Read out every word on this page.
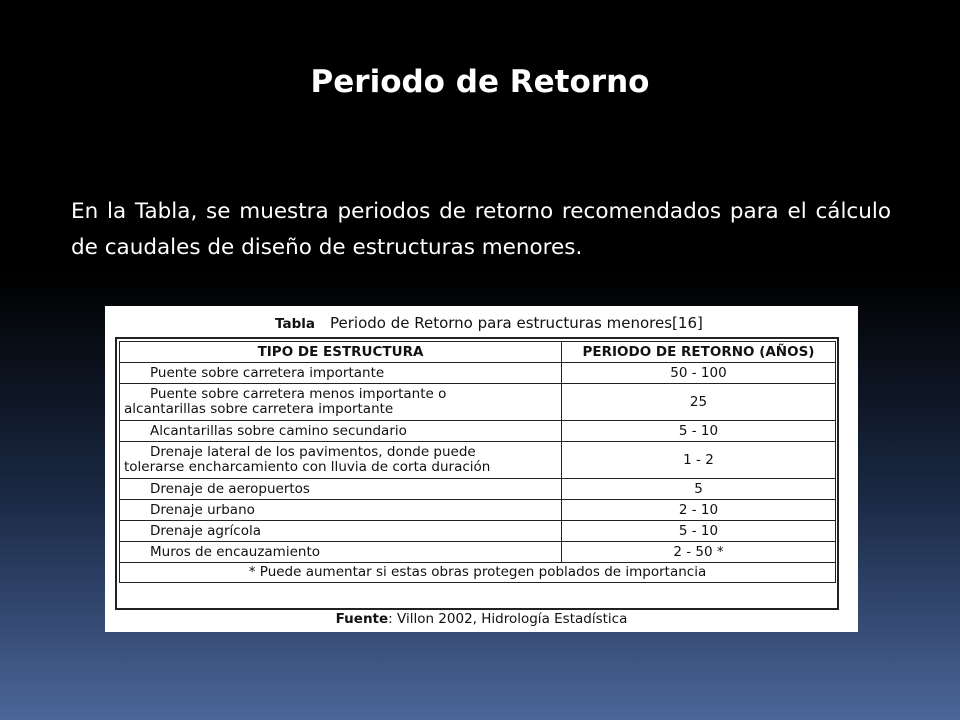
Periodo de Retorno

En la Tabla, se muestra periodos de retorno recomendados para el cálculo de caudales de diseño de estructuras menores.

Tabla Periodo de Retorno para estructuras menores[16]
TIPO DE ESTRUCTURA	PERIODO DE RETORNO (AÑOS)

Puente sobre carretera importante	50 - 100

Puente sobre carretera menos importante o
alcantarillas sobre carretera importante	25

Alcantarillas sobre camino secundario	5 - 10

Drenaje lateral de los pavimentos, donde puede
tolerarse encharcamiento con lluvia de corta duración	1 - 2

Drenaje de aeropuertos	5

Drenaje urbano	2 - 10

Drenaje agrícola	5 - 10

Muros de encauzamiento	2 - 50 *
* Puede aumentar si estas obras protegen poblados de importancia	
Fuente: Villon 2002, Hidrología Estadística
